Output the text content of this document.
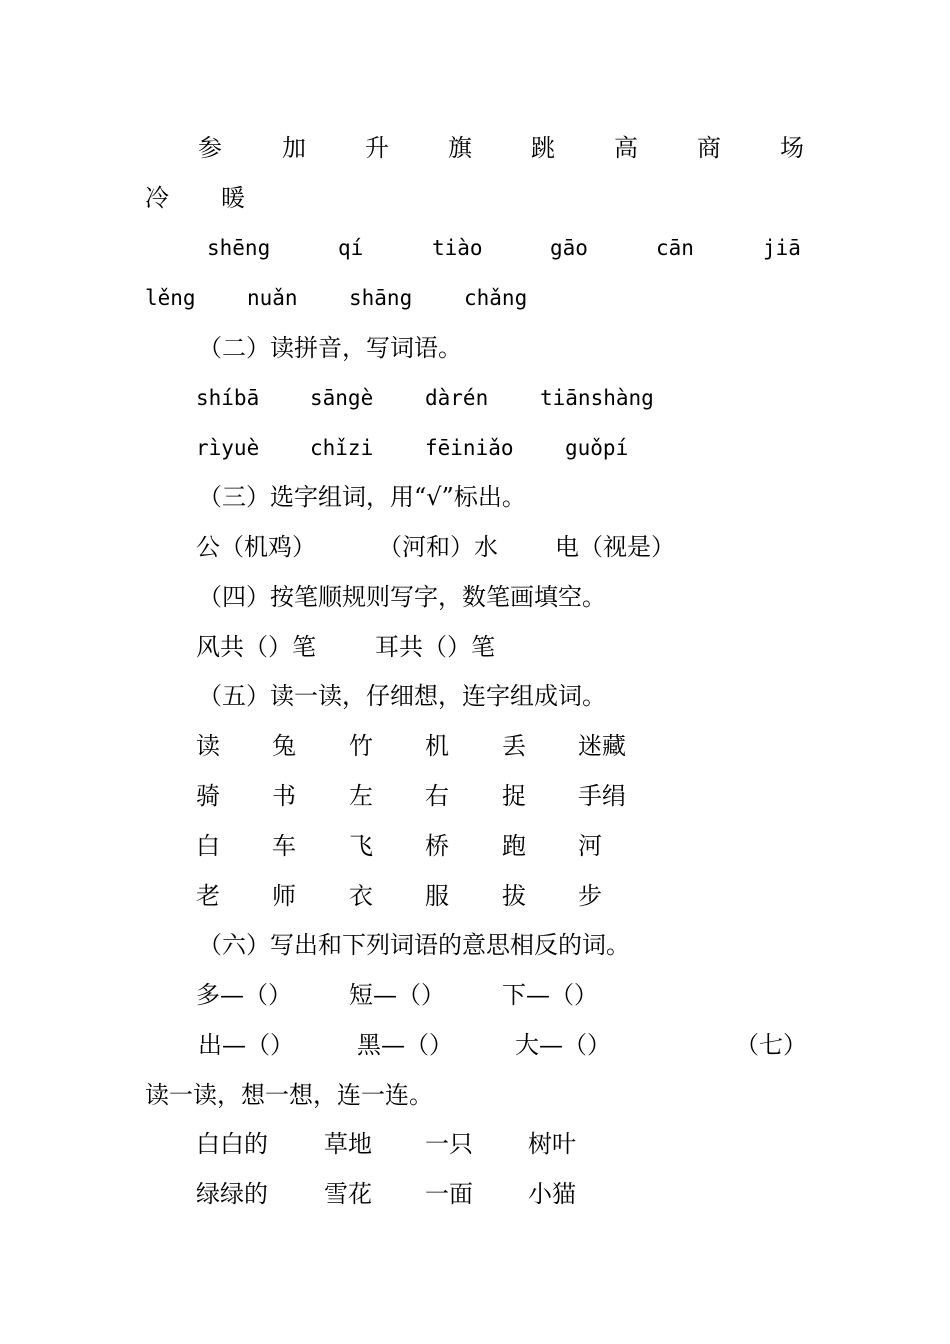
参	加 升 旗 跳 高 商 场
冷 暖
shēng	qí	tiào	gāo	cān	jiā
lěng nuǎn shāng chǎng
（二）读拼音，写词语。
shíbā sāngè dàrén tiānshàng
rìyuè chǐzi fēiniǎo guǒpí
（三）选字组词，用“√”标出。
公（机鸡）	（河和）水 电（视是）
（四）按笔顺规则写字，数笔画填空。
风共（）笔 耳共（）笔
（五）读一读，仔细想，连字组成词。
读 兔 竹 机 丢 迷藏
骑 书 左 右 捉 手绢
白 车 飞 桥 跑 河
老 师 衣 服 拔 步
（六）写出和下列词语的意思相反的词。
多—（） 短—（） 下—（）
出—（）	黑—（）	大—（）	（七）
读一读，想一想，连一连。
白白的 草地 一只 树叶
绿绿的 雪花 一面 小猫
